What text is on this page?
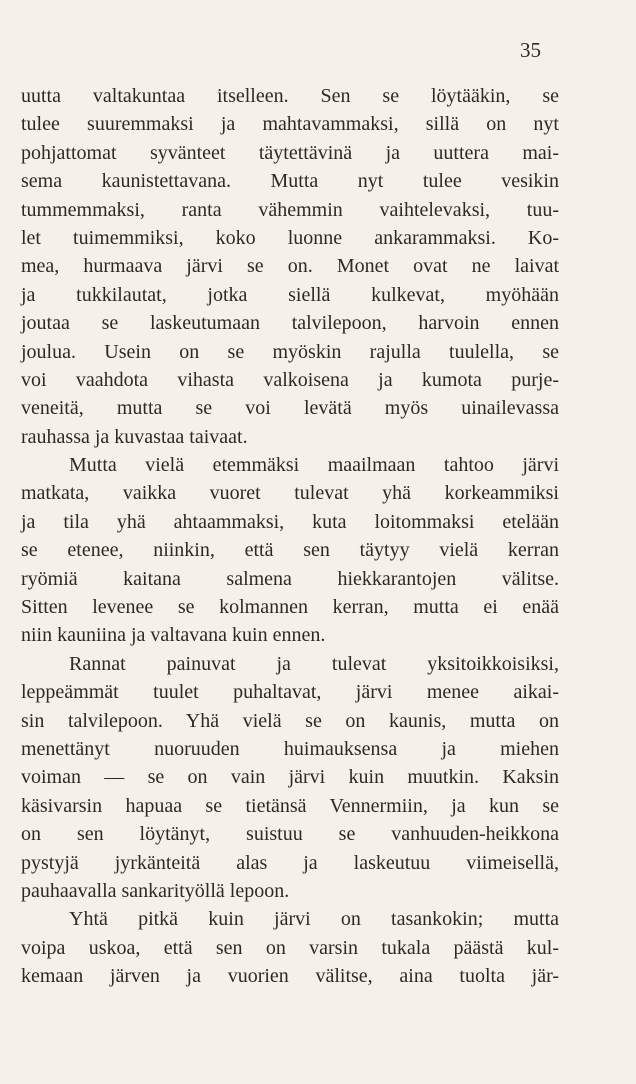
35
uutta valtakuntaa itselleen. Sen se löytääkin, se
tulee suuremmaksi ja mahtavammaksi, sillä on nyt
pohjattomat syvänteet täytettävinä ja uuttera mai-
sema kaunistettavana. Mutta nyt tulee vesikin
tummemmaksi, ranta vähemmin vaihtelevaksi, tuu-
let tuimemmiksi, koko luonne ankarammaksi. Ko-
mea, hurmaava järvi se on. Monet ovat ne laivat
ja tukkilautat, jotka siellä kulkevat, myöhään
joutaa se laskeutumaan talvilepoon, harvoin ennen
joulua. Usein on se myöskin rajulla tuulella, se
voi vaahdota vihasta valkoisena ja kumota purje-
veneitä, mutta se voi levätä myös uinailevassa
rauhassa ja kuvastaa taivaat.
Mutta vielä etemmäksi maailmaan tahtoo järvi
matkata, vaikka vuoret tulevat yhä korkeammiksi
ja tila yhä ahtaammaksi, kuta loitommaksi etelään
se etenee, niinkin, että sen täytyy vielä kerran
ryömiä kaitana salmena hiekkarantojen välitse.
Sitten levenee se kolmannen kerran, mutta ei enää
niin kauniina ja valtavana kuin ennen.
Rannat painuvat ja tulevat yksitoikkoisiksi,
leppeämmät tuulet puhaltavat, järvi menee aikai-
sin talvilepoon. Yhä vielä se on kaunis, mutta on
menettänyt nuoruuden huimauksensa ja miehen
voiman — se on vain järvi kuin muutkin. Kaksin
käsivarsin hapuaa se tietänsä Vennermiin, ja kun se
on sen löytänyt, suistuu se vanhuuden-heikkona
pystyjä jyrkänteitä alas ja laskeutuu viimeisellä,
pauhaavalla sankarityöllä lepoon.
Yhtä pitkä kuin järvi on tasankokin; mutta
voipa uskoa, että sen on varsin tukala päästä kul-
kemaan järven ja vuorien välitse, aina tuolta jär-
